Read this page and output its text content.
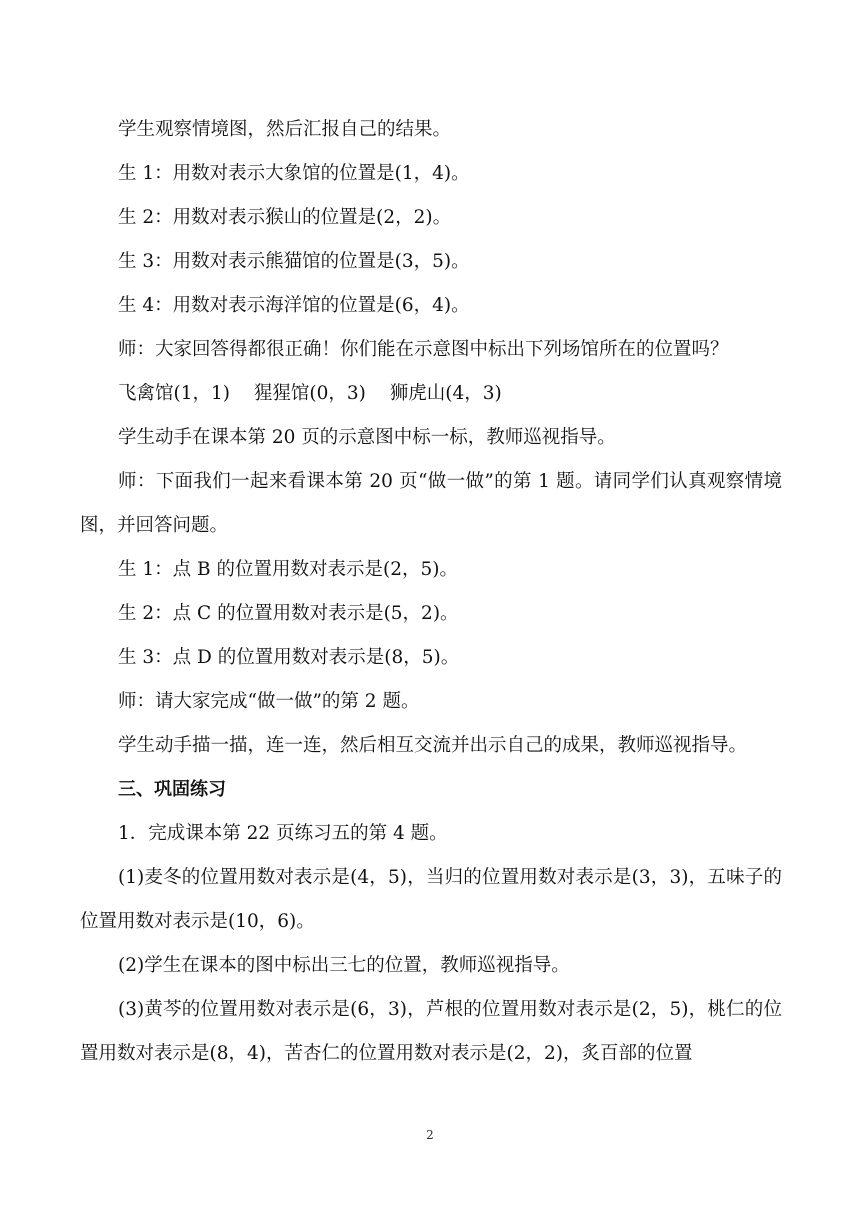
学生观察情境图，然后汇报自己的结果。

生 1：用数对表示大象馆的位置是(1，4)。

生 2：用数对表示猴山的位置是(2，2)。

生 3：用数对表示熊猫馆的位置是(3，5)。

生 4：用数对表示海洋馆的位置是(6，4)。

师：大家回答得都很正确！你们能在示意图中标出下列场馆所在的位置吗？

飞禽馆(1，1) 猩猩馆(0，3) 狮虎山(4，3)

学生动手在课本第 20 页的示意图中标一标，教师巡视指导。

师：下面我们一起来看课本第 20 页“做一做”的第 1 题。请同学们认真观察情境图，并回答问题。

生 1：点 B 的位置用数对表示是(2，5)。

生 2：点 C 的位置用数对表示是(5，2)。

生 3：点 D 的位置用数对表示是(8，5)。

师：请大家完成“做一做”的第 2 题。

学生动手描一描，连一连，然后相互交流并出示自己的成果，教师巡视指导。

三、巩固练习

1．完成课本第 22 页练习五的第 4 题。

(1)麦冬的位置用数对表示是(4，5)，当归的位置用数对表示是(3，3)，五味子的位置用数对表示是(10，6)。

(2)学生在课本的图中标出三七的位置，教师巡视指导。

(3)黄芩的位置用数对表示是(6，3)，芦根的位置用数对表示是(2，5)，桃仁的位置用数对表示是(8，4)，苦杏仁的位置用数对表示是(2，2)，炙百部的位置

2
